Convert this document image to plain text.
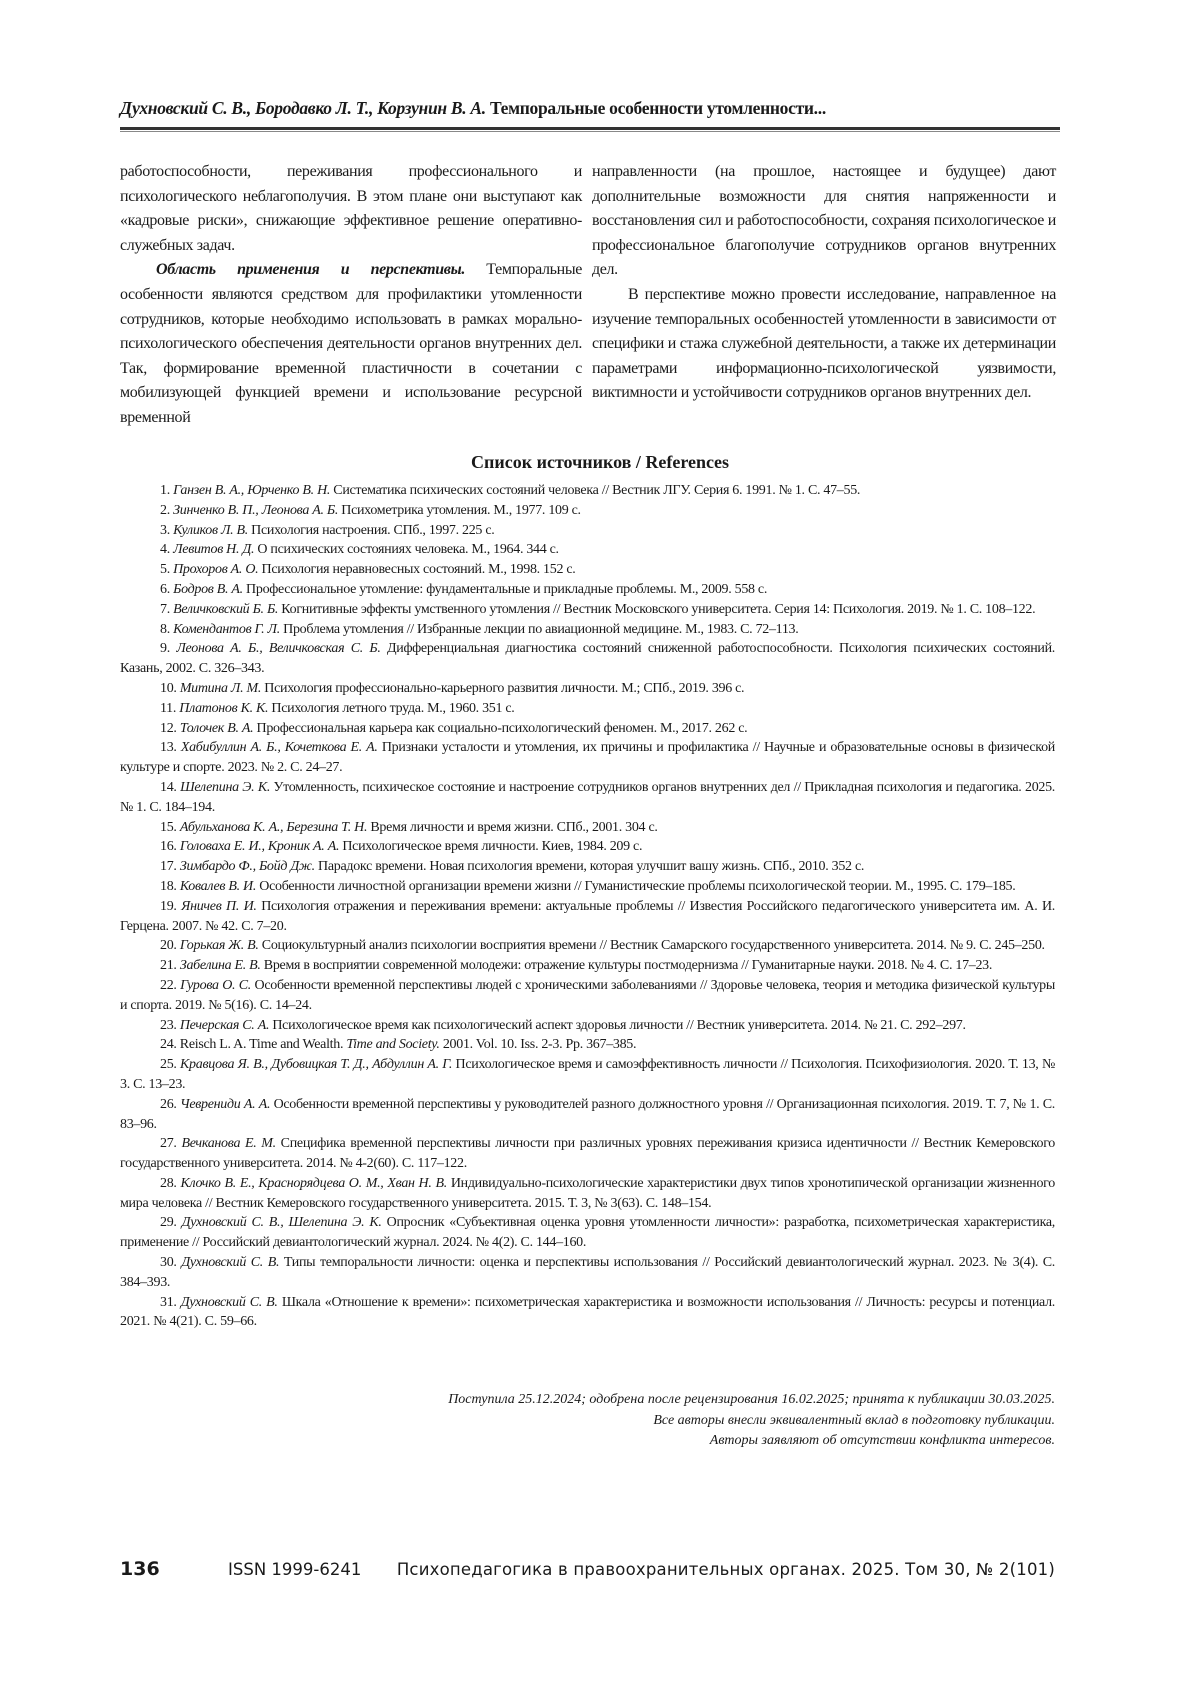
Духновский С. В., Бородавко Л. Т., Корзунин В. А. Темпоральные особенности утомленности...

работоспособности, переживания профессионального и психологического неблагополучия. В этом плане они выступают как «кадровые риски», снижающие эффективное решение оперативно-служебных задач.

Область применения и перспективы. Темпоральные особенности являются средством для профилактики утомленности сотрудников, которые необходимо использовать в рамках морально-психологического обеспечения деятельности органов внутренних дел. Так, формирование временной пластичности в сочетании с мобилизующей функцией времени и использование ресурсной временной

направленности (на прошлое, настоящее и будущее) дают дополнительные возможности для снятия напряженности и восстановления сил и работоспособности, сохраняя психологическое и профессиональное благополучие сотрудников органов внутренних дел.

В перспективе можно провести исследование, направленное на изучение темпоральных особенностей утомленности в зависимости от специфики и стажа служебной деятельности, а также их детерминации параметрами информационно-психологической уязвимости, виктимности и устойчивости сотрудников органов внутренних дел.

Список источников / References

1. Ганзен В. А., Юрченко В. Н. Систематика психических состояний человека // Вестник ЛГУ. Серия 6. 1991. № 1. С. 47–55.

2. Зинченко В. П., Леонова А. Б. Психометрика утомления. М., 1977. 109 с.

3. Куликов Л. В. Психология настроения. СПб., 1997. 225 с.

4. Левитов Н. Д. О психических состояниях человека. М., 1964. 344 с.

5. Прохоров А. О. Психология неравновесных состояний. М., 1998. 152 с.

6. Бодров В. А. Профессиональное утомление: фундаментальные и прикладные проблемы. М., 2009. 558 с.

7. Величковский Б. Б. Когнитивные эффекты умственного утомления // Вестник Московского университета. Серия 14: Психология. 2019. № 1. С. 108–122.

8. Комендантов Г. Л. Проблема утомления // Избранные лекции по авиационной медицине. М., 1983. С. 72–113.

9. Леонова А. Б., Величковская С. Б. Дифференциальная диагностика состояний сниженной работоспособности. Психология психических состояний. Казань, 2002. С. 326–343.

10. Митина Л. М. Психология профессионально-карьерного развития личности. М.; СПб., 2019. 396 с.

11. Платонов К. К. Психология летного труда. М., 1960. 351 с.

12. Толочек В. А. Профессиональная карьера как социально-психологический феномен. М., 2017. 262 с.

13. Хабибуллин А. Б., Кочеткова Е. А. Признаки усталости и утомления, их причины и профилактика // Научные и образовательные основы в физической культуре и спорте. 2023. № 2. С. 24–27.

14. Шелепина Э. К. Утомленность, психическое состояние и настроение сотрудников органов внутренних дел // Прикладная психология и педагогика. 2025. № 1. С. 184–194.

15. Абульханова К. А., Березина Т. Н. Время личности и время жизни. СПб., 2001. 304 с.

16. Головаха Е. И., Кроник А. А. Психологическое время личности. Киев, 1984. 209 с.

17. Зимбардо Ф., Бойд Дж. Парадокс времени. Новая психология времени, которая улучшит вашу жизнь. СПб., 2010. 352 с.

18. Ковалев В. И. Особенности личностной организации времени жизни // Гуманистические проблемы психологической теории. М., 1995. С. 179–185.

19. Яничев П. И. Психология отражения и переживания времени: актуальные проблемы // Известия Российского педагогического университета им. А. И. Герцена. 2007. № 42. С. 7–20.

20. Горькая Ж. В. Социокультурный анализ психологии восприятия времени // Вестник Самарского государственного университета. 2014. № 9. С. 245–250.

21. Забелина Е. В. Время в восприятии современной молодежи: отражение культуры постмодернизма // Гуманитарные науки. 2018. № 4. С. 17–23.

22. Гурова О. С. Особенности временной перспективы людей с хроническими заболеваниями // Здоровье человека, теория и методика физической культуры и спорта. 2019. № 5(16). С. 14–24.

23. Печерская С. А. Психологическое время как психологический аспект здоровья личности // Вестник университета. 2014. № 21. С. 292–297.

24. Reisch L. A. Time and Wealth. Time and Society. 2001. Vol. 10. Iss. 2-3. Pp. 367–385.

25. Кравцова Я. В., Дубовицкая Т. Д., Абдуллин А. Г. Психологическое время и самоэффективность личности // Психология. Психофизиология. 2020. Т. 13, № 3. С. 13–23.

26. Чеврениди А. А. Особенности временной перспективы у руководителей разного должностного уровня // Организационная психология. 2019. Т. 7, № 1. С. 83–96.

27. Вечканова Е. М. Специфика временной перспективы личности при различных уровнях переживания кризиса идентичности // Вестник Кемеровского государственного университета. 2014. № 4-2(60). С. 117–122.

28. Клочко В. Е., Краснорядцева О. М., Хван Н. В. Индивидуально-психологические характеристики двух типов хронотипической организации жизненного мира человека // Вестник Кемеровского государственного университета. 2015. Т. 3, № 3(63). С. 148–154.

29. Духновский С. В., Шелепина Э. К. Опросник «Субъективная оценка уровня утомленности личности»: разработка, психометрическая характеристика, применение // Российский девиантологический журнал. 2024. № 4(2). С. 144–160.

30. Духновский С. В. Типы темпоральности личности: оценка и перспективы использования // Российский девиантологический журнал. 2023. № 3(4). С. 384–393.

31. Духновский С. В. Шкала «Отношение к времени»: психометрическая характеристика и возможности использования // Личность: ресурсы и потенциал. 2021. № 4(21). С. 59–66.

Поступила 25.12.2024; одобрена после рецензирования 16.02.2025; принята к публикации 30.03.2025.
Все авторы внесли эквивалентный вклад в подготовку публикации.
Авторы заявляют об отсутствии конфликта интересов.
136	ISSN 1999-6241 Психопедагогика в правоохранительных органах. 2025. Том 30, № 2(101)
